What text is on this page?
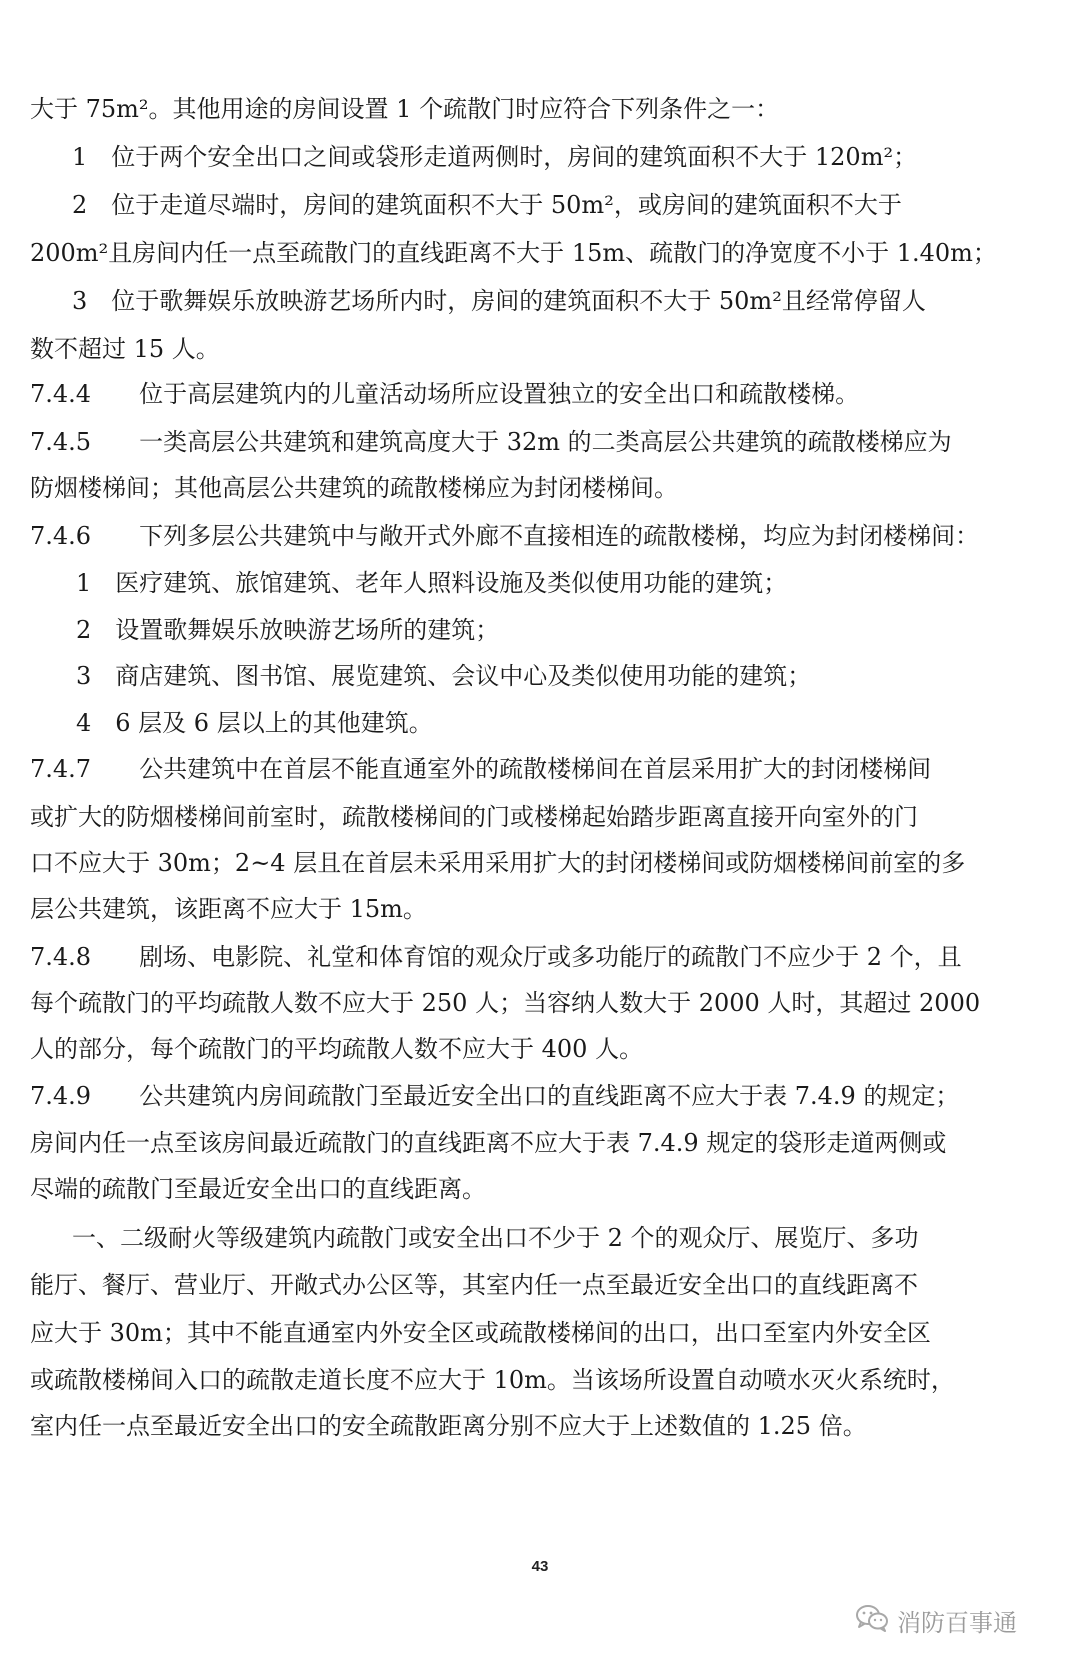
大于 75m²。其他用途的房间设置 1 个疏散门时应符合下列条件之一：
1　位于两个安全出口之间或袋形走道两侧时，房间的建筑面积不大于 120m²；
2　位于走道尽端时，房间的建筑面积不大于 50m²，或房间的建筑面积不大于
200m²且房间内任一点至疏散门的直线距离不大于 15m、疏散门的净宽度不小于 1.40m；
3　位于歌舞娱乐放映游艺场所内时，房间的建筑面积不大于 50m²且经常停留人
数不超过 15 人。
7.4.4　　位于高层建筑内的儿童活动场所应设置独立的安全出口和疏散楼梯。
7.4.5　　一类高层公共建筑和建筑高度大于 32m 的二类高层公共建筑的疏散楼梯应为
防烟楼梯间；其他高层公共建筑的疏散楼梯应为封闭楼梯间。
7.4.6　　下列多层公共建筑中与敞开式外廊不直接相连的疏散楼梯，均应为封闭楼梯间：
1　医疗建筑、旅馆建筑、老年人照料设施及类似使用功能的建筑；
2　设置歌舞娱乐放映游艺场所的建筑；
3　商店建筑、图书馆、展览建筑、会议中心及类似使用功能的建筑；
4　6 层及 6 层以上的其他建筑。
7.4.7　　公共建筑中在首层不能直通室外的疏散楼梯间在首层采用扩大的封闭楼梯间
或扩大的防烟楼梯间前室时，疏散楼梯间的门或楼梯起始踏步距离直接开向室外的门
口不应大于 30m；2~4 层且在首层未采用采用扩大的封闭楼梯间或防烟楼梯间前室的多
层公共建筑，该距离不应大于 15m。
7.4.8　　剧场、电影院、礼堂和体育馆的观众厅或多功能厅的疏散门不应少于 2 个，且
每个疏散门的平均疏散人数不应大于 250 人；当容纳人数大于 2000 人时，其超过 2000
人的部分，每个疏散门的平均疏散人数不应大于 400 人。
7.4.9　　公共建筑内房间疏散门至最近安全出口的直线距离不应大于表 7.4.9 的规定；
房间内任一点至该房间最近疏散门的直线距离不应大于表 7.4.9 规定的袋形走道两侧或
尽端的疏散门至最近安全出口的直线距离。
一、二级耐火等级建筑内疏散门或安全出口不少于 2 个的观众厅、展览厅、多功
能厅、餐厅、营业厅、开敞式办公区等，其室内任一点至最近安全出口的直线距离不
应大于 30m；其中不能直通室内外安全区或疏散楼梯间的出口，出口至室内外安全区
或疏散楼梯间入口的疏散走道长度不应大于 10m。当该场所设置自动喷水灭火系统时，
室内任一点至最近安全出口的安全疏散距离分别不应大于上述数值的 1.25 倍。
43
消防百事通
